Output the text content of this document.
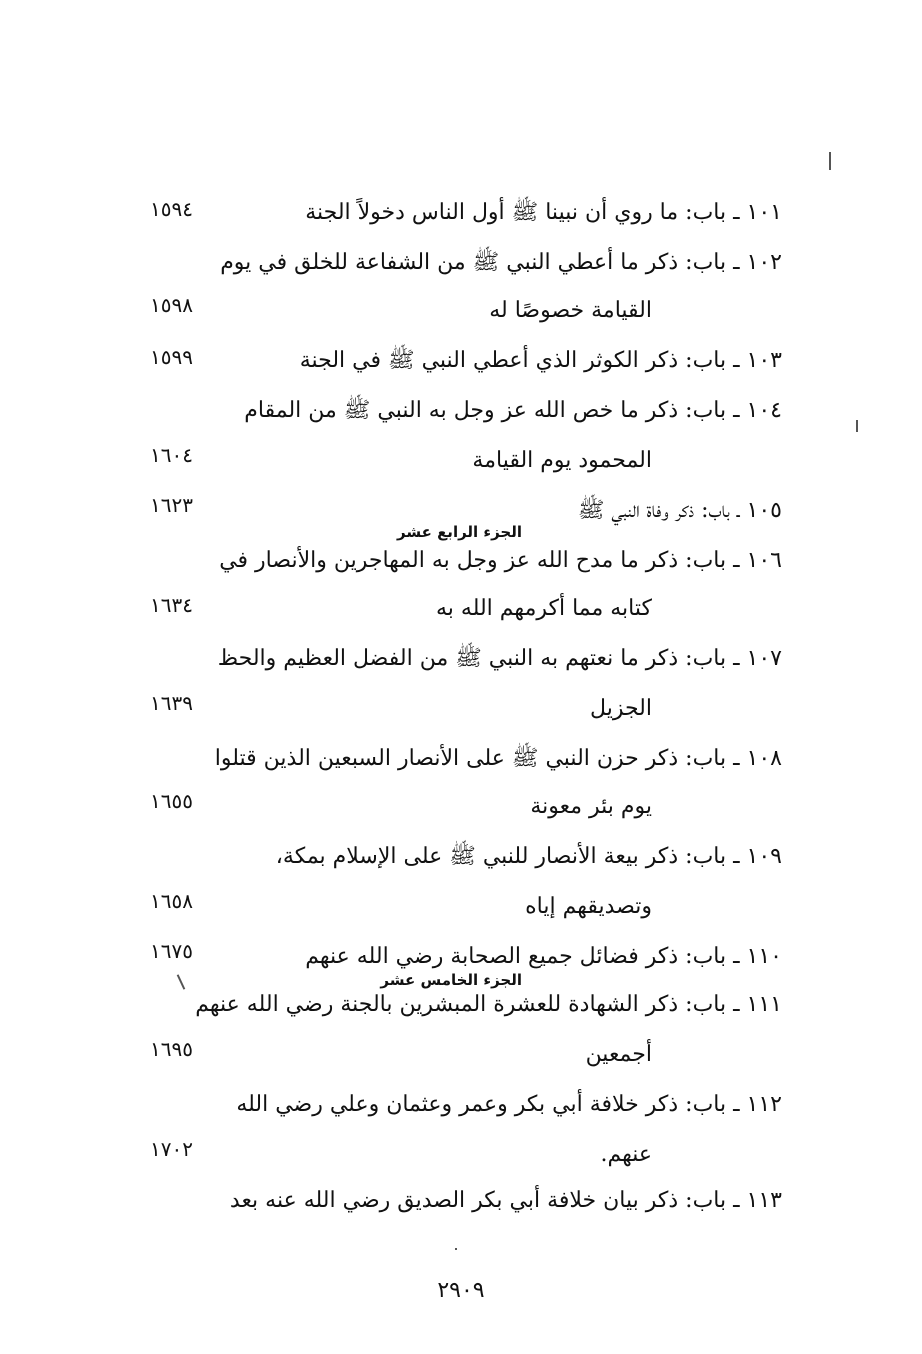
١٠١ ـ باب: ما روي أن نبينا ﷺ أول الناس دخولاً الجنة
١٥٩٤
١٠٢ ـ باب: ذكر ما أعطي النبي ﷺ من الشفاعة للخلق في يوم
القيامة خصوصًا له
١٥٩٨
١٠٣ ـ باب: ذكر الكوثر الذي أعطي النبي ﷺ في الجنة
١٥٩٩
١٠٤ ـ باب: ذكر ما خص الله عز وجل به النبي ﷺ من المقام
المحمود يوم القيامة
١٦٠٤
١٠٥ ـ باب: ذكر وفاة النبي ﷺ
١٦٢٣
الجزء الرابع عشر
١٠٦ ـ باب: ذكر ما مدح الله عز وجل به المهاجرين والأنصار في
كتابه مما أكرمهم الله به
١٦٣٤
١٠٧ ـ باب: ذكر ما نعتهم به النبي ﷺ من الفضل العظيم والحظ
الجزيل
١٦٣٩
١٠٨ ـ باب: ذكر حزن النبي ﷺ على الأنصار السبعين الذين قتلوا
يوم بئر معونة
١٦٥٥
١٠٩ ـ باب: ذكر بيعة الأنصار للنبي ﷺ على الإسلام بمكة،
وتصديقهم إياه
١٦٥٨
١١٠ ـ باب: ذكر فضائل جميع الصحابة رضي الله عنهم
١٦٧٥
الجزء الخامس عشر
١١١ ـ باب: ذكر الشهادة للعشرة المبشرين بالجنة رضي الله عنهم
أجمعين
١٦٩٥
١١٢ ـ باب: ذكر خلافة أبي بكر وعمر وعثمان وعلي رضي الله
عنهم.
١٧٠٢
١١٣ ـ باب: ذكر بيان خلافة أبي بكر الصديق رضي الله عنه بعد
٢٩٠٩
